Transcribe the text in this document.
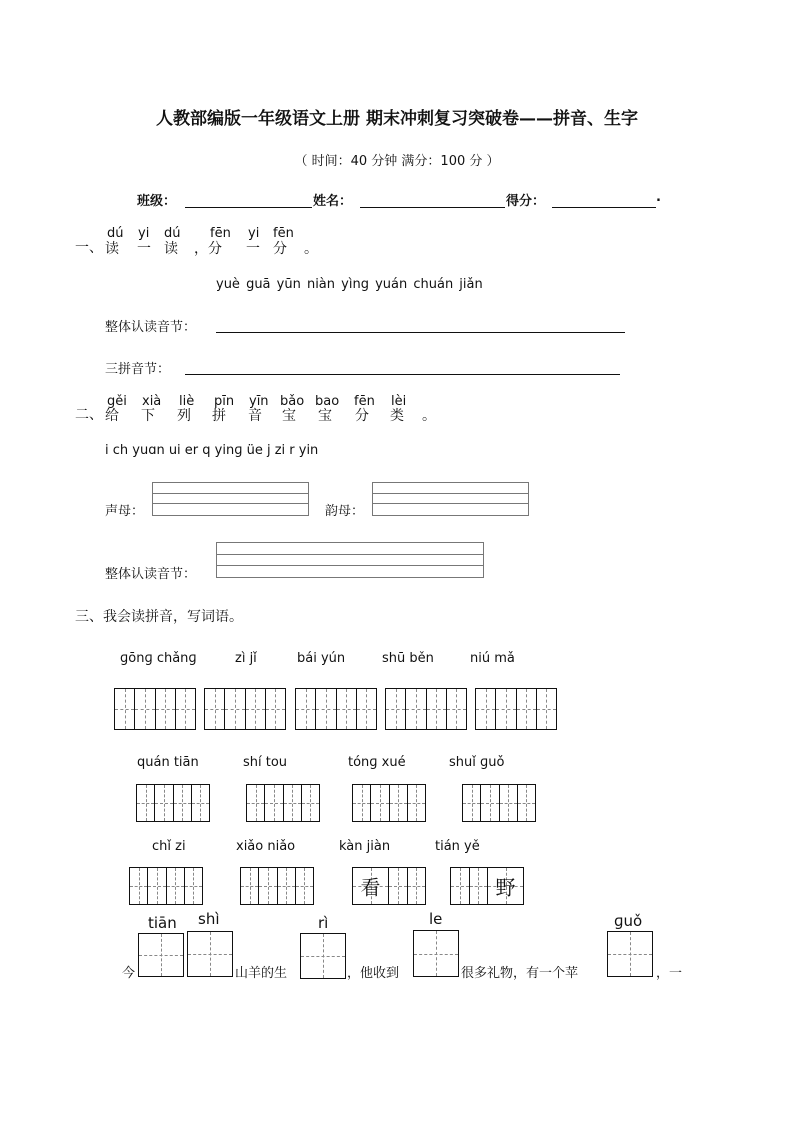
人教部编版一年级语文上册 期末冲刺复习突破卷——拼音、生字
（ 时间：40 分钟 满分：100 分 ）
班级：	姓名：	得分：	.
一、
dú yi dú fēn yi fēn
读 一 读 ，分 一 分 。
yuè guā yūn niàn yìng yuán chuán jiǎn
整体认读音节：
三拼音节：
二、
gěi xià liè pīn yīn bǎo bao fēn lèi
给 下 列 拼 音 宝 宝 分 类 。
i ch yuɑn ui er q yinɡ üe j zi r yin
声母：	韵母：
整体认读音节：
三、我会读拼音，写词语。
ɡōnɡ chǎnɡ	zì jǐ	bái yún	shū běn	niú mǎ
quán tiān	shí tou	tónɡ xué	shuǐ ɡuǒ
chǐ zi	xiǎo niǎo	kàn jiàn	tián yě
看	野
tiān shì	rì	le	ɡuǒ
今	山羊的生	，他收到	很多礼物，有一个苹	，一
